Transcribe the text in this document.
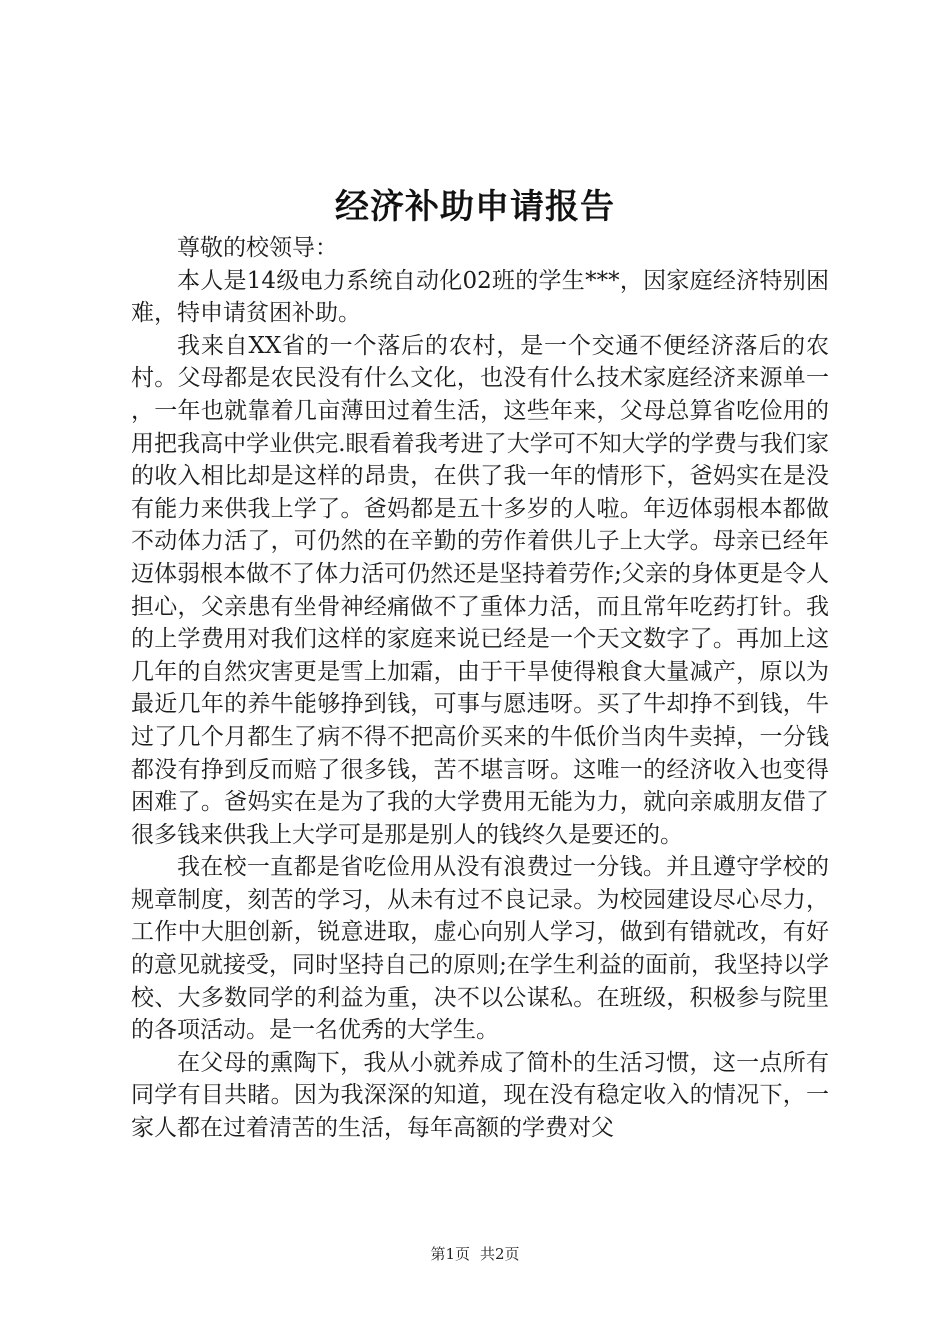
经济补助申请报告

尊敬的校领导：

本人是14级电力系统自动化02班的学生***，因家庭经济特别困难，特申请贫困补助。

我来自XX省的一个落后的农村，是一个交通不便经济落后的农村。父母都是农民没有什么文化，也没有什么技术家庭经济来源单一，一年也就靠着几亩薄田过着生活，这些年来，父母总算省吃俭用的用把我高中学业供完.眼看着我考进了大学可不知大学的学费与我们家的收入相比却是这样的昂贵，在供了我一年的情形下，爸妈实在是没有能力来供我上学了。爸妈都是五十多岁的人啦。年迈体弱根本都做不动体力活了，可仍然的在辛勤的劳作着供儿子上大学。母亲已经年迈体弱根本做不了体力活可仍然还是坚持着劳作;父亲的身体更是令人担心，父亲患有坐骨神经痛做不了重体力活，而且常年吃药打针。我的上学费用对我们这样的家庭来说已经是一个天文数字了。再加上这几年的自然灾害更是雪上加霜，由于干旱使得粮食大量减产，原以为最近几年的养牛能够挣到钱，可事与愿违呀。买了牛却挣不到钱，牛过了几个月都生了病不得不把高价买来的牛低价当肉牛卖掉，一分钱都没有挣到反而赔了很多钱，苦不堪言呀。这唯一的经济收入也变得困难了。爸妈实在是为了我的大学费用无能为力，就向亲戚朋友借了很多钱来供我上大学可是那是别人的钱终久是要还的。

我在校一直都是省吃俭用从没有浪费过一分钱。并且遵守学校的规章制度，刻苦的学习，从未有过不良记录。为校园建设尽心尽力，工作中大胆创新，锐意进取，虚心向别人学习，做到有错就改，有好的意见就接受，同时坚持自己的原则;在学生利益的面前，我坚持以学校、大多数同学的利益为重，决不以公谋私。在班级，积极参与院里的各项活动。是一名优秀的大学生。

在父母的熏陶下，我从小就养成了简朴的生活习惯，这一点所有同学有目共睹。因为我深深的知道，现在没有稳定收入的情况下，一家人都在过着清苦的生活，每年高额的学费对父

第1页 共2页
